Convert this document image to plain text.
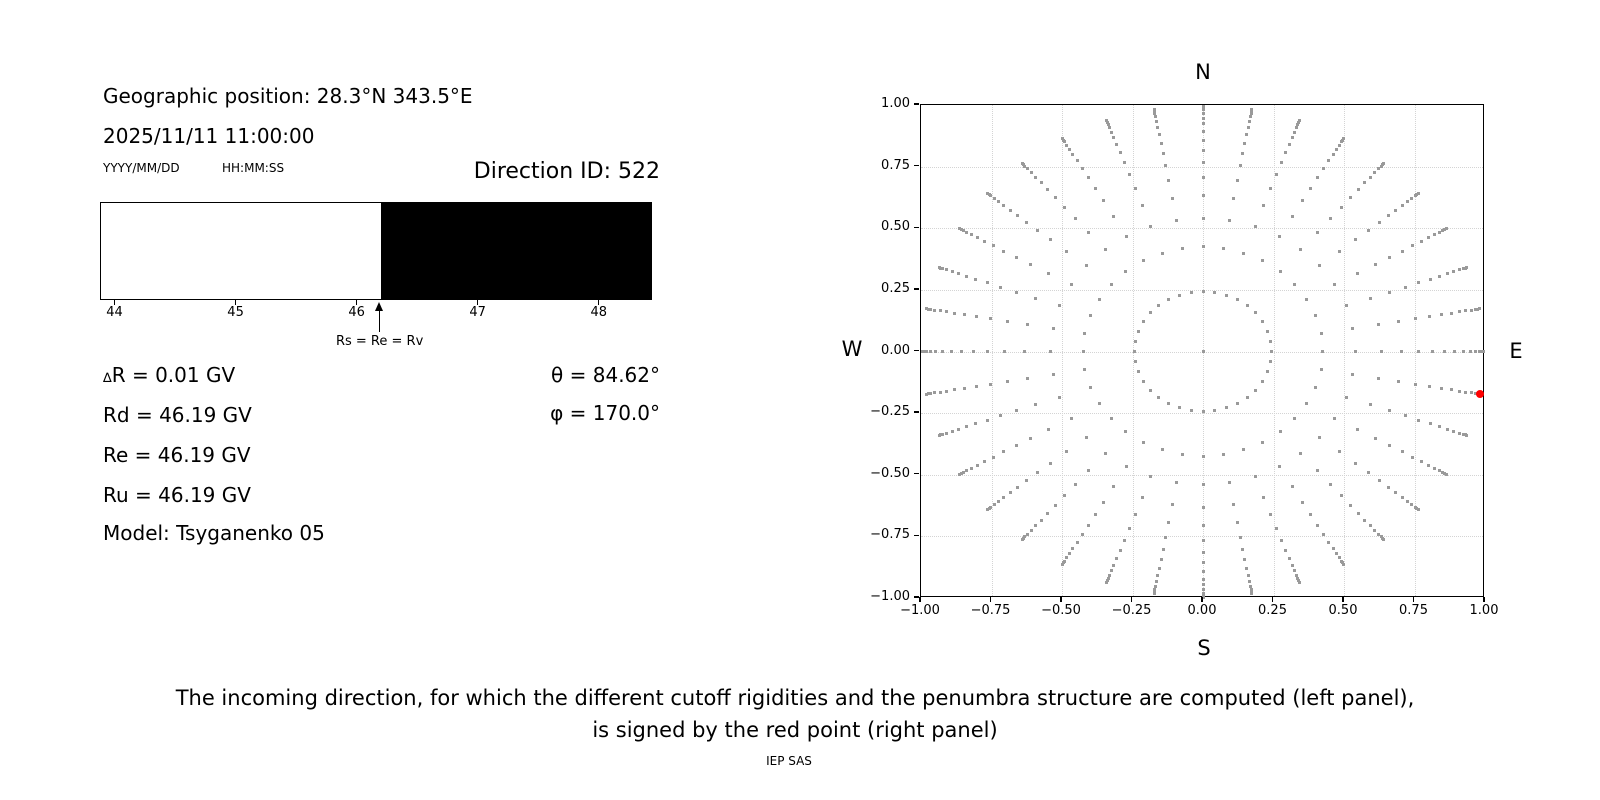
Geographic position: 28.3°N 343.5°E
2025/11/11 11:00:00
YYYY/MM/DD	HH:MM:SS	Direction ID: 522
44	45	46	47	48
Rs = Re = Rv
∆R = 0.01 GV
Rd = 46.19 GV
Re = 46.19 GV
Ru = 46.19 GV
Model: Tsyganenko 05
θ = 84.62°
φ = 170.0°
N
S
W	E
−1.00	−0.75	−0.50	−0.25	0.00	0.25	0.50	0.75	1.00
1.00
0.75
0.50
0.25
0.00
−0.25
−0.50
−0.75
−1.00
The incoming direction, for which the different cutoff rigidities and the penumbra structure are computed (left panel),
is signed by the red point (right panel)
IEP SAS
